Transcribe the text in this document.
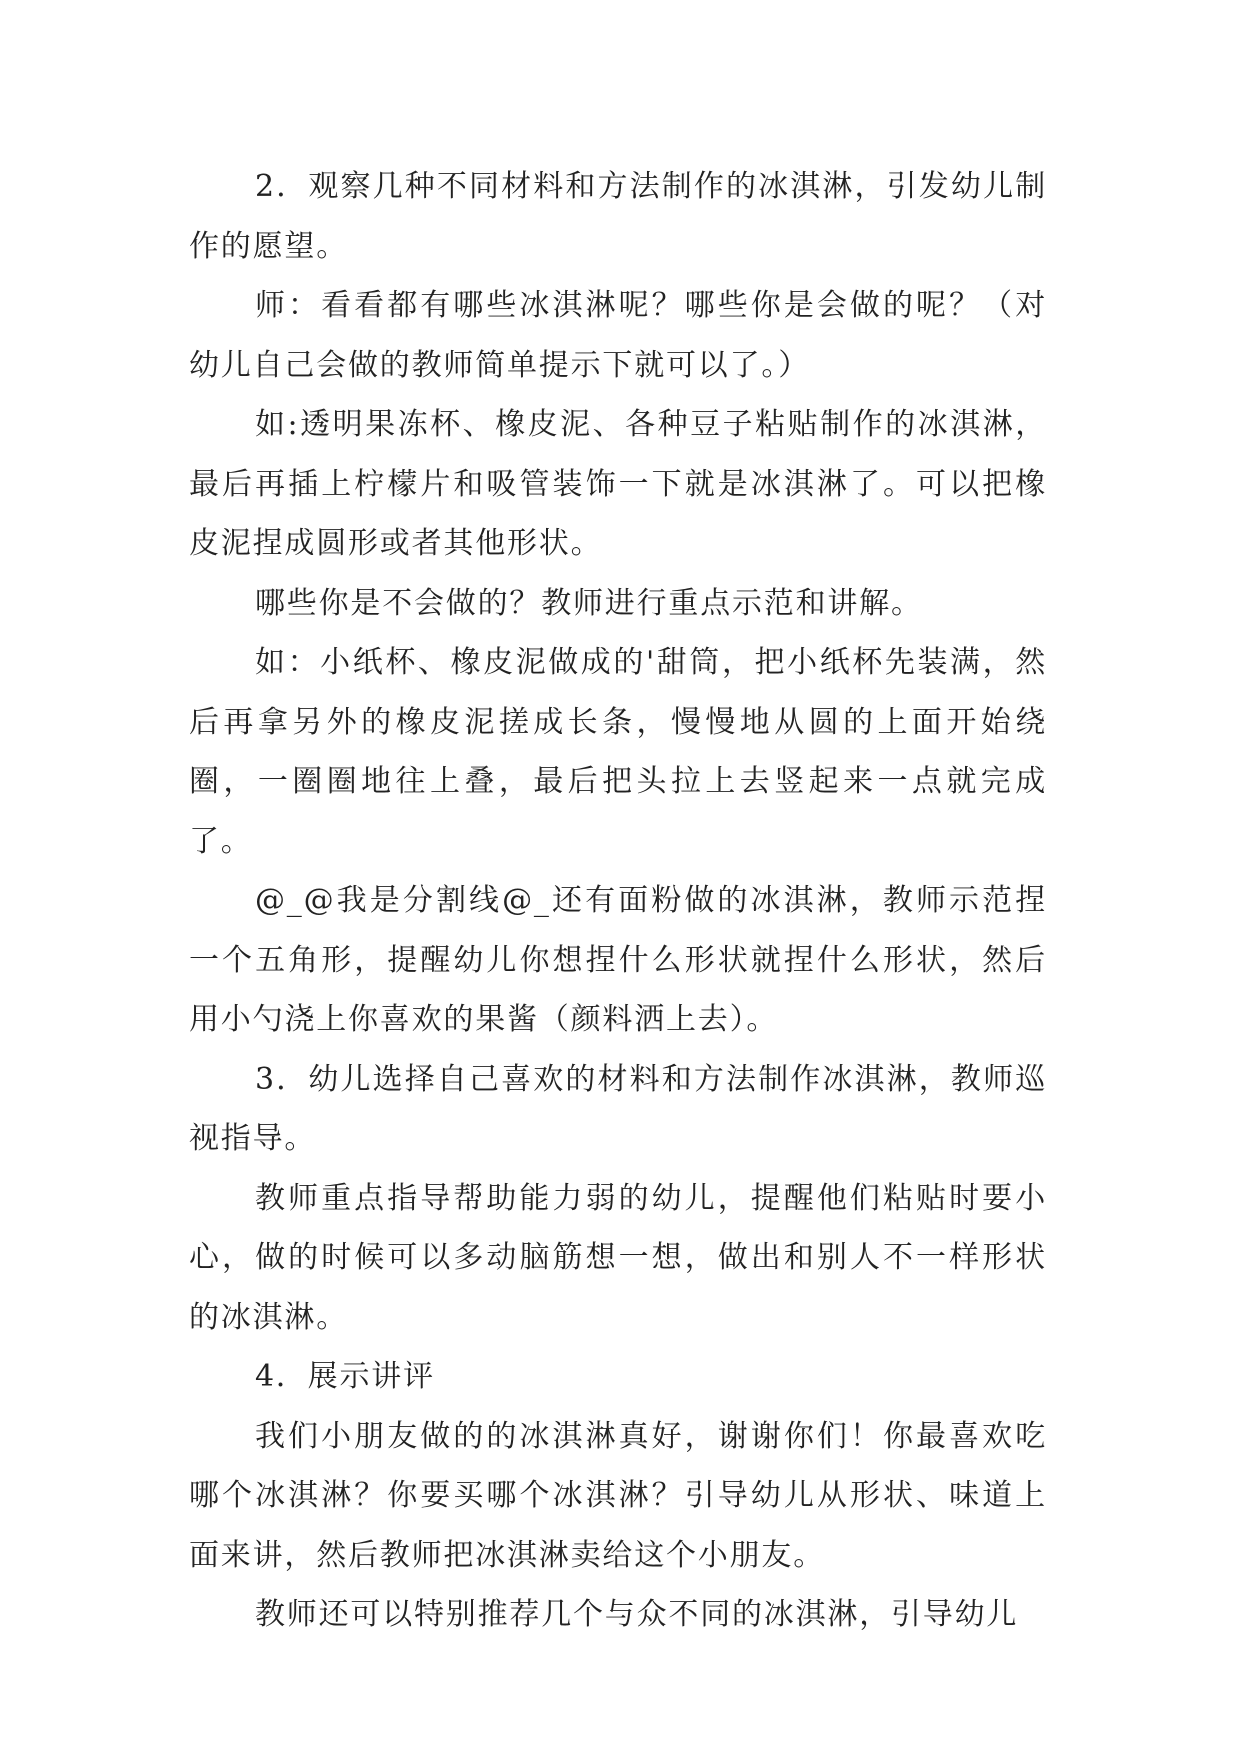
2．观察几种不同材料和方法制作的冰淇淋，引发幼儿制作的愿望。

师：看看都有哪些冰淇淋呢？哪些你是会做的呢？（对幼儿自己会做的教师简单提示下就可以了。）

如:透明果冻杯、橡皮泥、各种豆子粘贴制作的冰淇淋，最后再插上柠檬片和吸管装饰一下就是冰淇淋了。可以把橡皮泥捏成圆形或者其他形状。

哪些你是不会做的？教师进行重点示范和讲解。

如：小纸杯、橡皮泥做成的'甜筒，把小纸杯先装满，然后再拿另外的橡皮泥搓成长条，慢慢地从圆的上面开始绕圈，一圈圈地往上叠，最后把头拉上去竖起来一点就完成了。

@_@我是分割线@_还有面粉做的冰淇淋，教师示范捏一个五角形，提醒幼儿你想捏什么形状就捏什么形状，然后用小勺浇上你喜欢的果酱（颜料洒上去）。

3．幼儿选择自己喜欢的材料和方法制作冰淇淋，教师巡视指导。

教师重点指导帮助能力弱的幼儿，提醒他们粘贴时要小心，做的时候可以多动脑筋想一想，做出和别人不一样形状的冰淇淋。

4．展示讲评

我们小朋友做的的冰淇淋真好，谢谢你们！你最喜欢吃哪个冰淇淋？你要买哪个冰淇淋？引导幼儿从形状、味道上面来讲，然后教师把冰淇淋卖给这个小朋友。

教师还可以特别推荐几个与众不同的冰淇淋，引导幼儿
